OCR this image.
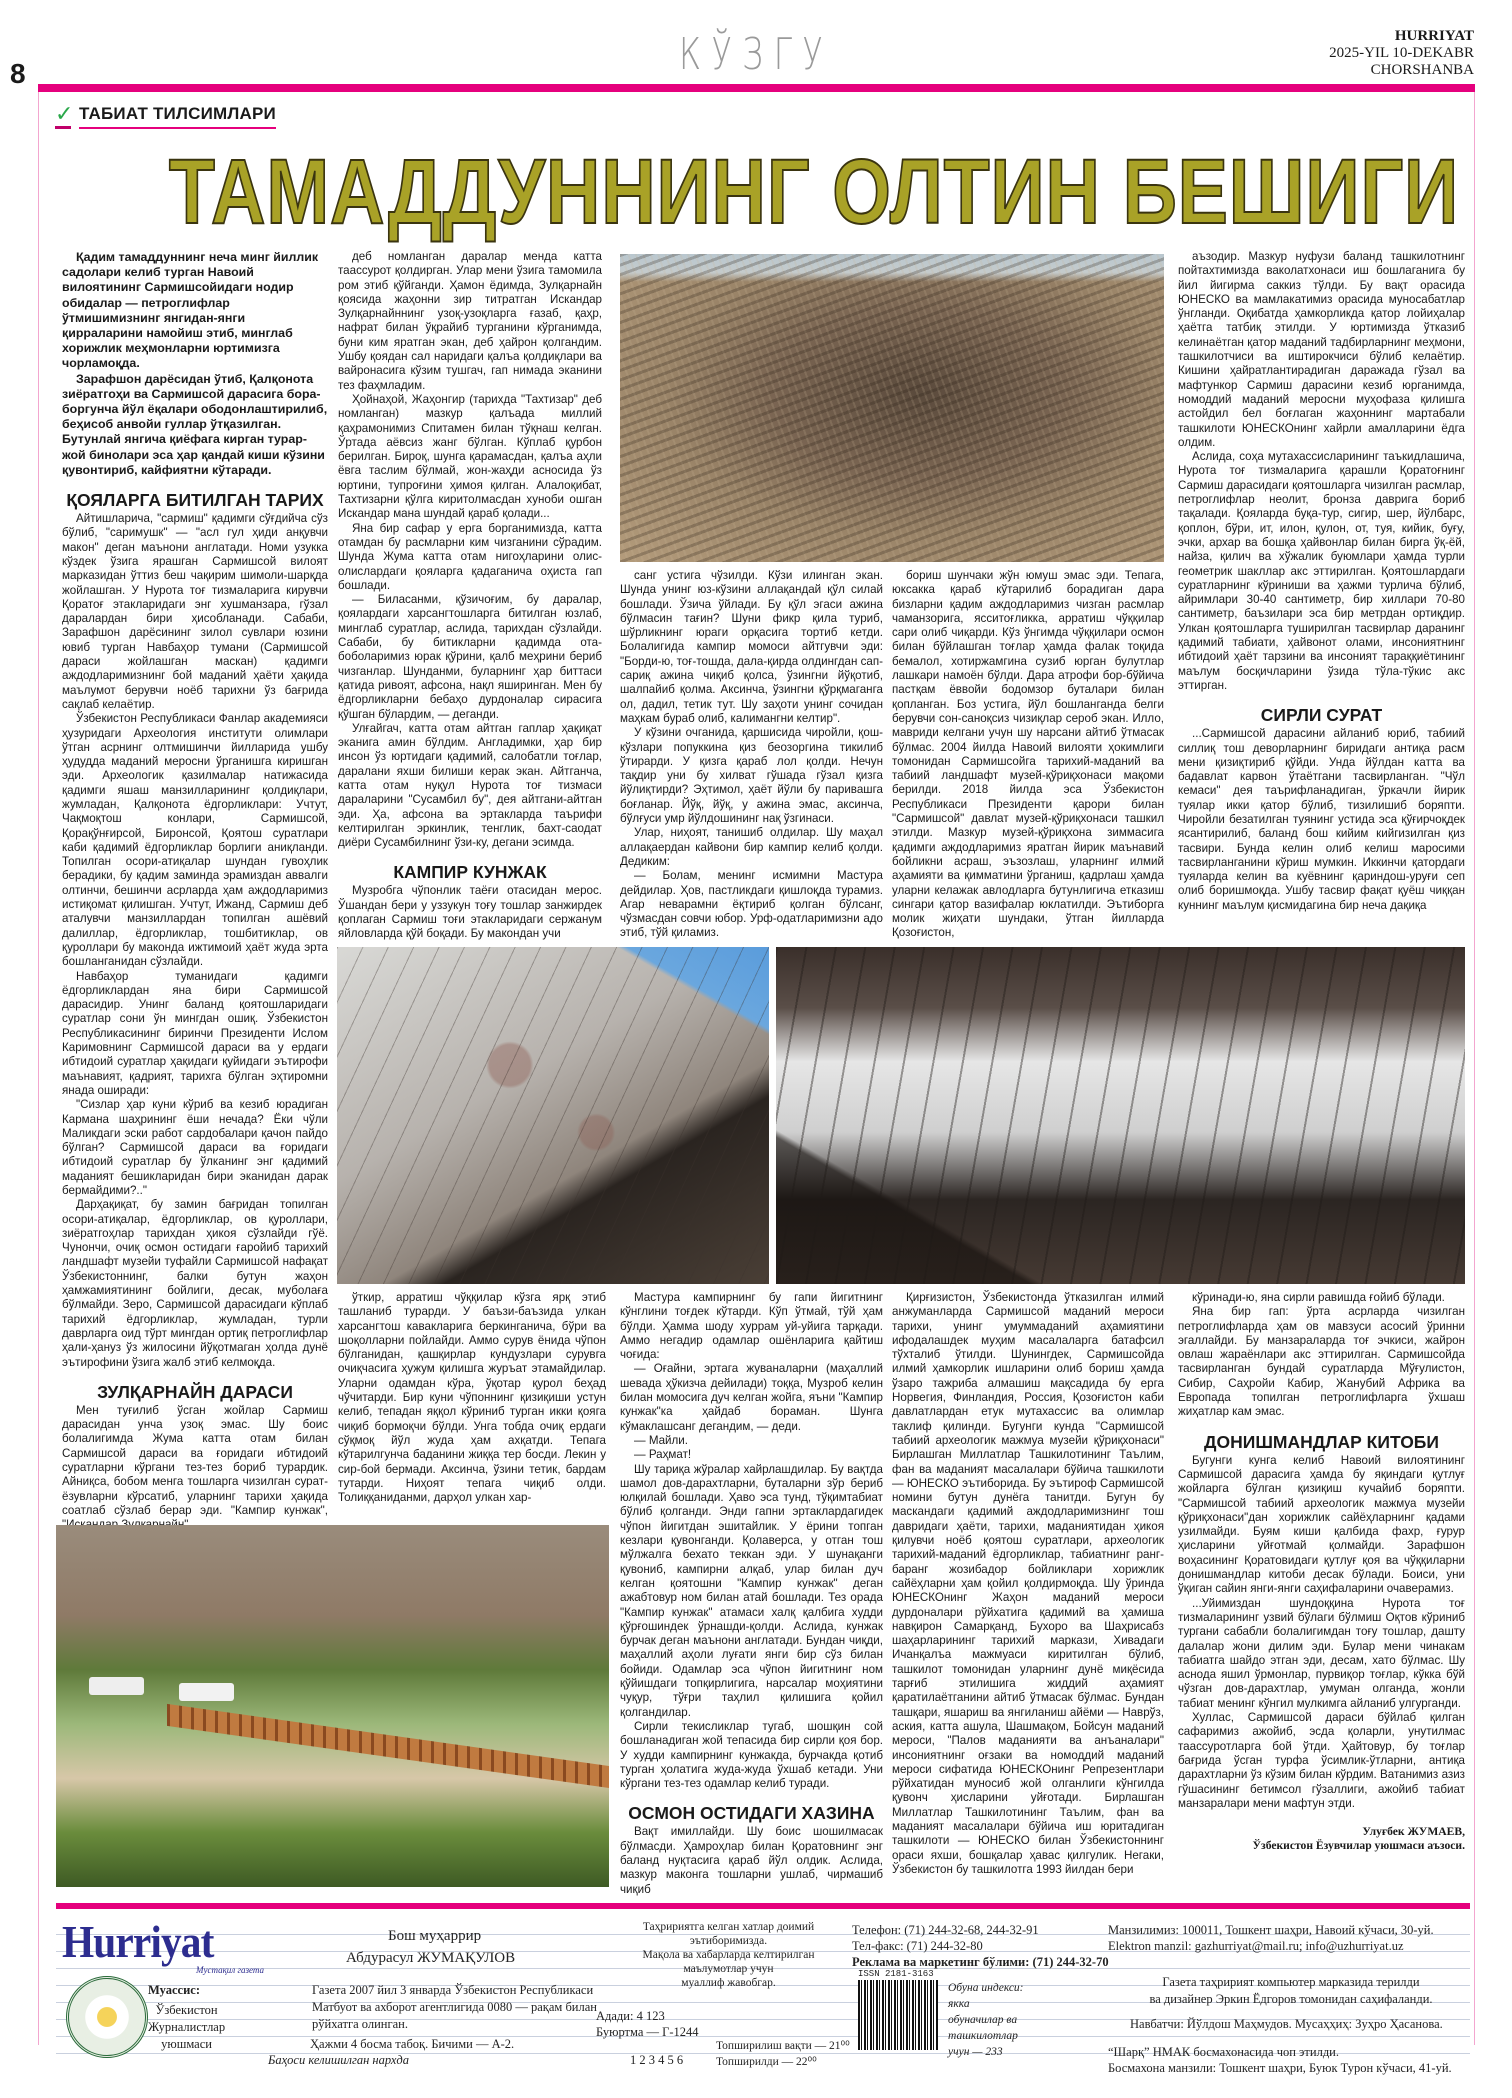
8	КЎЗГУ	HURRIYAT
2025-YIL 10-DEKABR
CHORSHANBA
✓ ТАБИАТ ТИЛСИМЛАРИ
ТАМАДДУННИНГ ОЛТИН БЕШИГИ

Қадим тамаддуннинг неча минг йиллик садолари келиб турган Навоий вилоятининг Сармишсойидаги нодир обидалар — петроглифлар ўтмишимизнинг янгидан-янги қирраларини намойиш этиб, минглаб хорижлик меҳмонларни юртимизга чорламоқда.

Зарафшон дарёсидан ўтиб, Қалқонота зиёратгоҳи ва Сармишсой дарасига бора-боргунча йўл ёқалари ободонлаштирилиб, беҳисоб анвойи гуллар ўтқазилган. Бутунлай янгича қиёфага кирган турар-жой бинолари эса ҳар қандай киши кўзини қувонтириб, кайфиятни кўтаради.

ҚОЯЛАРГА БИТИЛГАН ТАРИХ

Айтишларича, "сармиш" қадимги сўғдийча сўз бўлиб, "саримушк" — "асл гул ҳиди анқувчи макон" деган маънони англатади. Номи узукка кўздек ўзига ярашган Сармишсой вилоят марказидан ўттиз беш чақирим шимоли-шарқда жойлашган. У Нурота тоғ тизмаларига кирувчи Қоратоғ этакларидаги энг хушманзара, гўзал даралардан бири ҳисобланади. Сабаби, Зарафшон дарёсининг зилол сувлари юзини ювиб турган Навбаҳор тумани (Сармишсой дараси жойлашган маскан) қадимги аждодларимизнинг бой маданий ҳаёти ҳақида маълумот берувчи ноёб тарихни ўз бағрида сақлаб келаётир.

Ўзбекистон Республикаси Фанлар академияси ҳузуридаги Археология институти олимлари ўтган асрнинг олтмишинчи йилларида ушбу ҳудудда маданий меросни ўрганишга киришган эди. Археологик қазилмалар натижасида қадимги яшаш манзилларининг қолдиқлари, жумладан, Қалқонота ёдгорликлари: Учтут, Чақмоқтош конлари, Сармишсой, Қорақўнғирсой, Биронсой, Қоятош суратлари каби қадимий ёдгорликлар борлиги аниқланди. Топилган осори-атиқалар шундан гувоҳлик берадики, бу қадим заминда эрамиздан аввалги олтинчи, бешинчи асрларда ҳам аждодларимиз истиқомат қилишган. Учтут, Ижанд, Сармиш деб аталувчи манзиллардан топилган ашёвий далиллар, ёдгорликлар, тошбитиклар, ов қуроллари бу маконда ижтимоий ҳаёт жуда эрта бошланганидан сўзлайди.

Навбаҳор туманидаги қадимги ёдгорликлардан яна бири Сармишсой дарасидир. Унинг баланд қоятошларидаги суратлар сони ўн мингдан ошиқ. Ўзбекистон Республикасининг биринчи Президенти Ислом Каримовнинг Сармишсой дараси ва у ердаги ибтидоий суратлар ҳақидаги қуйидаги эътирофи маънавият, қадрият, тарихга бўлган эҳтиромни янада оширади:

"Сизлар ҳар куни кўриб ва кезиб юрадиган Кармана шаҳрининг ёши нечада? Ёки чўли Маликдаги эски работ сардобалари қачон пайдо бўлган? Сармишсой дараси ва ғоридаги ибтидоий суратлар бу ўлканинг энг қадимий маданият бешикларидан бири эканидан дарак бермайдими?.."

Дарҳақиқат, бу замин бағридан топилган осори-атиқалар, ёдгорликлар, ов қуроллари, зиёратгоҳлар тарихдан ҳикоя сўзлайди гўё. Чунончи, очиқ осмон остидаги ғаройиб тарихий ландшафт музейи туфайли Сармишсой нафақат Ўзбекистоннинг, балки бутун жаҳон ҳамжамиятининг бойлиги, десак, муболаға бўлмайди. Зеро, Сармишсой дарасидаги кўплаб тарихий ёдгорликлар, жумладан, турли даврларга оид тўрт мингдан ортиқ петроглифлар ҳали-ҳануз ўз жилосини йўқотмаган ҳолда дунё эътирофини ўзига жалб этиб келмоқда.

ЗУЛҚАРНАЙН ДАРАСИ

Мен туғилиб ўсган жойлар Сармиш дарасидан унча узоқ эмас. Шу боис болалигимда Жума катта отам билан Сармишсой дараси ва ғоридаги ибтидоий суратларни кўргани тез-тез бориб турардик. Айниқса, бобом менга тошларга чизилган сурат-ёзувларни кўрсатиб, уларнинг тарихи ҳақида соатлаб сўзлаб берар эди. "Кампир кунжак",

деб номланган даралар менда катта таассурот қолдирган. Улар мени ўзига тамомила ром этиб қўйганди. Ҳамон ёдимда, Зулқарнайн қоясида жаҳонни зир титратган Искандар Зулқарнайннинг узоқ-узоқларга ғазаб, қаҳр, нафрат билан ўқрайиб турганини кўрганимда, буни ким яратган экан, деб ҳайрон қолгандим. Ушбу қоядан сал наридаги қалъа қолдиқлари ва вайронасига кўзим тушгач, гап нимада эканини тез фаҳмладим.

Ҳойнаҳой, Жаҳонгир (тарихда "Тахтизар" деб номланган) мазкур қалъада миллий қаҳрамонимиз Спитамен билан тўқнаш келган. Ўртада аёвсиз жанг бўлган. Кўплаб қурбон берилган. Бироқ, шунга қарамасдан, қалъа аҳли ёвга таслим бўлмай, жон-жаҳди асносида ўз юртини, тупроғини ҳимоя қилган. Алалоқибат, Тахтизарни қўлга киритолмасдан хуноби ошган Искандар мана шундай қараб қолади...

Яна бир сафар у ерга борганимизда, катта отамдан бу расмларни ким чизганини сўрадим. Шунда Жума катта отам нигоҳларини олис-олислардаги қояларга қадаганича оҳиста гап бошлади.

— Биласанми, қўзичоғим, бу даралар, қоялардаги харсангтошларга битилган юзлаб, минглаб суратлар, аслида, тарихдан сўзлайди. Сабаби, бу битикларни қадимда ота-боболаримиз юрак қўрини, қалб меҳрини бериб чизганлар. Шунданми, буларнинг ҳар биттаси қатида ривоят, афсона, нақл яширинган. Мен бу ёдгорликларни бебаҳо дурдоналар сирасига қўшган бўлардим, — деганди.

Улғайгач, катта отам айтган гаплар ҳақиқат эканига амин бўлдим. Англадимки, ҳар бир инсон ўз юртидаги қадимий, салобатли тоғлар, даралани яхши билиши керак экан. Айтганча, катта отам нуқул Нурота тоғ тизмаси дараларини "Сусамбил бу", дея айтгани-айтган эди. Ҳа, афсона ва эртакларда таърифи келтирилган эркинлик, тенглик, бахт-саодат диёри Сусамбилнинг ўзи-ку, дегани эсимда.

КАМПИР КУНЖАК

Музробга чўпонлик таёғи отасидан мерос. Ўшандан бери у уззукун тоғу тошлар занжирдек қоплаган Сармиш тоғи этакларидаги сержанум яйловларда қўй боқади. Бу макондан учи

ўткир, арратиш чўққилар кўзга ярқ этиб ташланиб турарди. У баъзи-баъзида улкан харсангтош кавакларига беркинганича, бўри ва шоқолларни пойлайди. Аммо сурув ёнида чўпон бўлганидан, қашқирлар кундузлари сурувга очиқчасига ҳужум қилишга журъат этамайдилар. Уларни одамдан кўра, ўқотар қурол беҳад чўчитарди. Бир куни чўпоннинг қизиқиши устун келиб, тепадан яққол кўриниб турган икки қояга чиқиб бормоқчи бўлди. Унга тобда очиқ ердаги сўқмоқ йўл жуда ҳам ахқатди. Тепага кўтарилгунча баданини жиққа тер босди. Лекин у сир-бой бермади. Аксинча, ўзини тетик, бардам тутарди. Ниҳоят тепага чиқиб олди. Толиққаниданми, дарҳол улкан хар-

санг устига чўзилди. Кўзи илинган экан. Шунда унинг юз-кўзини аллақандай қўл силай бошлади. Ўзича ўйлади. Бу қўл эгаси ажина бўлмасин тағин? Шуни фикр қила туриб, шўрликнинг юраги орқасига тортиб кетди. Болалигида кампир момоси айтгувчи эди: "Борди-ю, тоғ-тошда, дала-қирда олдингдан сап-сариқ ажина чиқиб қолса, ўзингни йўқотиб, шалпайиб қолма. Аксинча, ўзингни қўрқмаганга ол, дадил, тетик тут. Шу заҳоти унинг сочидан маҳкам бураб олиб, калимангни келтир".

У кўзини очганида, қаршисида чиройли, қош-кўзлари попуккина қиз беозоргина тикилиб ўтирарди. У қизга қараб лол қолди. Нечун тақдир уни бу хилват гўшада гўзал қизга йўлиқтирди? Эҳтимол, ҳаёт йўли бу паривашга боғланар. Йўқ, йўқ, у ажина эмас, аксинча, бўлғуси умр йўлдошининг нақ ўзгинаси.

Улар, ниҳоят, танишиб олдилар. Шу маҳал аллақаердан кайвони бир кампир келиб қолди. Дедиким:

— Болам, менинг исмимни Мастура дейдилар. Ҳов, пастликдаги қишлоқда турамиз. Агар неварамни ёқтириб қолган бўлсанг, чўзмасдан совчи юбор. Урф-одатларимизни адо этиб, тўй қиламиз.

Мастура кампирнинг бу гапи йигитнинг кўнглини тоғдек кўтарди. Кўп ўтмай, тўй ҳам бўлди. Ҳамма шоду хуррам уй-уйига тарқади. Аммо негадир одамлар ошёнларига қайтиш чоғида:

— Оғайни, эртага жуваналарни (маҳаллий шевада ҳўкизча дейилади) тоққа, Музроб келин билан момосига дуч келган жойга, яъни "Кампир кунжак"ка ҳайдаб бораман. Шунга кўмаклашсанг дегандим, — деди.

— Майли.

— Раҳмат!

Шу тариқа жўралар хайрлашдилар. Бу вақтда шамол дов-дарахтларни, буталарни зўр бериб юлқилай бошлади. Ҳаво эса тунд, тўқимтабиат бўлиб қолганди. Энди гапни эртаклардагидек чўпон йигитдан эшитайлик. У ёрини топган кезлари қувонганди. Қолаверса, у отган тош мўлжалга бехато теккан эди. У шунақанги қувониб, кампирни алқаб, улар билан дуч келган қоятошни "Кампир кунжак" деган ажабтовур ном билан атай бошлади. Тез орада "Кампир кунжак" атамаси халқ қалбига худди қўрғошиндек ўрнашди-қолди. Аслида, кунжак бурчак деган маънони англатади. Бундан чиқди, маҳаллий аҳоли луғати янги бир сўз билан бойиди. Одамлар эса чўпон йигитнинг ном қўйишдаги топқирлигига, нарсалар моҳиятини чуқур, тўғри таҳлил қилишига қойил қолгандилар.

Сирли текисликлар тугаб, шошқин сой бошланадиган жой тепасида бир сирли қоя бор. У худди кампирнинг кунжакда, бурчакда қотиб турган ҳолатига жуда-жуда ўхшаб кетади. Уни кўргани тез-тез одамлар келиб туради.

ОСМОН ОСТИДАГИ ХАЗИНА

Вақт имиллайди. Шу боис шошилмасак бўлмасди. Ҳамроҳлар билан Қоратовнинг энг баланд нуқтасига қараб йўл олдик. Аслида, мазкур маконга тошларни ушлаб, чирмашиб чиқиб

бориш шунчаки жўн юмуш эмас эди. Тепага, юксакка қараб кўтарилиб борадиган дара бизларни қадим аждодларимиз чизган расмлар чаманзорига, ясситоғликка, арратиш чўққилар сари олиб чиқарди. Кўз ўнгимда чўққилари осмон билан бўйлашган тоғлар ҳамда фалак тоқида бемалол, хотиржамгина сузиб юрган булутлар лашкари намоён бўлди. Дара атрофи бор-бўйича пастқам ёввойи бодомзор буталари билан қопланган. Боз устига, йўл бошланганда белги берувчи сон-саноқсиз чизиқлар сероб экан. Илло, мавриди келгани учун шу нарсани айтиб ўтмасак бўлмас. 2004 йилда Навоий вилояти ҳокимлиги томонидан Сармишсойга тарихий-маданий ва табиий ландшафт музей-қўриқхонаси мақоми берилди. 2018 йилда эса Ўзбекистон Республикаси Президенти қарори билан "Сармишсой" давлат музей-қўриқхонаси ташкил этилди. Мазкур музей-қўриқхона зиммасига қадимги аждодларимиз яратган йирик маънавий бойликни асраш, эъзозлаш, уларнинг илмий аҳамияти ва қимматини ўрганиш, қадрлаш ҳамда уларни келажак авлодларга бутунлигича етказиш сингари қатор вазифалар юклатилди. Эътиборга молик жиҳати шундаки, ўтган йилларда Қозоғистон,

Қирғизистон, Ўзбекистонда ўтказилган илмий анжуманларда Сармишсой маданий мероси тарихи, унинг умуммаданий аҳамиятини ифодалашдек муҳим масалаларга батафсил тўхталиб ўтилди. Шунингдек, Сармишсойда илмий ҳамкорлик ишларини олиб бориш ҳамда ўзаро тажриба алмашиш мақсадида бу ерга Норвегия, Финландия, Россия, Қозоғистон каби давлатлардан етук мутахассис ва олимлар таклиф қилинди. Бугунги кунда "Сармишсой табиий археологик мажмуа музейи қўриқхонаси" Бирлашган Миллатлар Ташкилотининг Таълим, фан ва маданият масалалари бўйича ташкилоти — ЮНЕСКО эътиборида. Бу эътироф Сармишсой номини бутун дунёга танитди. Бугун бу маскандаги қадимий аждодларимизнинг тош давридаги ҳаёти, тарихи, маданиятидан ҳикоя қилувчи ноёб қоятош суратлари, археологик тарихий-маданий ёдгорликлар, табиатнинг ранг-баранг жозибадор бойликлари хорижлик сайёҳларни ҳам қойил қолдирмоқда. Шу ўринда ЮНЕСКОнинг Жаҳон маданий мероси дурдоналари рўйхатига қадимий ва ҳамиша навқирон Самарқанд, Бухоро ва Шаҳрисабз шаҳарларининг тарихий маркази, Хивадаги Ичанқалъа мажмуаси киритилган бўлиб, ташкилот томонидан уларнинг дунё миқёсида тарғиб этилишига жиддий аҳамият қаратилаётганини айтиб ўтмасак бўлмас. Бундан ташқари, яшариш ва янгиланиш айёми — Наврўз, аския, катта ашула, Шашмақом, Бойсун маданий мероси, "Палов маданияти ва анъаналари" инсониятнинг оғзаки ва номоддий маданий мероси сифатида ЮНЕСКОнинг Репрезентлари рўйхатидан муносиб жой олганлиги кўнгилда қувонч ҳисларини уйғотади. Бирлашган Миллатлар Ташкилотининг Таълим, фан ва маданият масалалари бўйича иш юритадиган ташкилоти — ЮНЕСКО билан Ўзбекистоннинг ораси яхши, бошқалар ҳавас қилгулик. Негаки, Ўзбекистон бу ташкилотга 1993 йилдан бери

аъзодир. Мазкур нуфузи баланд ташкилотнинг пойтахтимизда ваколатхонаси иш бошлаганига бу йил йигирма саккиз тўлди. Бу вақт орасида ЮНЕСКО ва мамлакатимиз орасида муносабатлар ўнгланди. Оқибатда ҳамкорликда қатор лойиҳалар ҳаётга татбиқ этилди. У юртимизда ўтказиб келинаётган қатор маданий тадбирларнинг меҳмони, ташкилотчиси ва иштирокчиси бўлиб келаётир. Кишини ҳайратлантирадиган даражада гўзал ва мафтункор Сармиш дарасини кезиб юрганимда, номоддий маданий меросни муҳофаза қилишга астойдил бел боғлаган жаҳоннинг мартабали ташкилоти ЮНЕСКОнинг хайрли амалларини ёдга олдим.

Аслида, соҳа мутахассисларининг таъкидлашича, Нурота тоғ тизмаларига қарашли Қоратоғнинг Сармиш дарасидаги қоятошларга чизилган расмлар, петроглифлар неолит, бронза даврига бориб тақалади. Қояларда буқа-тур, сигир, шер, йўлбарс, қоплон, бўри, ит, илон, қулон, от, туя, кийик, буғу, эчки, архар ва бошқа ҳайвонлар билан бирга ўқ-ёй, найза, қилич ва хўжалик буюмлари ҳамда турли геометрик шакллар акс эттирилган. Қоятошлардаги суратларнинг кўриниши ва ҳажми турлича бўлиб, айримлари 30-40 сантиметр, бир хиллари 70-80 сантиметр, баъзилари эса бир метрдан ортиқдир. Улкан қоятошларга туширилган тасвирлар даранинг қадимий табиати, ҳайвонот олами, инсониятнинг ибтидоий ҳаёт тарзини ва инсоният тараққиётининг маълум босқичларини ўзида тўла-тўкис акс эттирган.

СИРЛИ СУРАТ

...Сармишсой дарасини айланиб юриб, табиий силлиқ тош деворларнинг биридаги антиқа расм мени қизиқтириб қўйди. Унда йўлдан катта ва бадавлат карвон ўтаётгани тасвирланган. "Чўл кемаси" дея таърифланадиган, ўркачли йирик туялар икки қатор бўлиб, тизилишиб боряпти. Чиройли безатилган туянинг устида эса қўғирчоқдек ясантирилиб, баланд бош кийим кийгизилган қиз тасвири. Бунда келин олиб келиш маросими тасвирланганини кўриш мумкин. Иккинчи қатордаги туяларда келин ва куёвнинг қариндош-уруғи сеп олиб боришмоқда. Ушбу тасвир фақат қуёш чиққан куннинг маълум қисмидагина бир неча дақиқа

кўринади-ю, яна сирли равишда ғойиб бўлади.

Яна бир гап: ўрта асрларда чизилган петроглифларда ҳам ов мавзуси асосий ўринни эгаллайди. Бу манзараларда тоғ эчкиси, жайрон овлаш жараёнлари акс эттирилган. Сармишсойда тасвирланган бундай суратларда Мўғулистон, Сибир, Саҳройи Кабир, Жанубий Африка ва Европада топилган петроглифларга ўхшаш жиҳатлар кам эмас.

ДОНИШМАНДЛАР КИТОБИ

Бугунги кунга келиб Навоий вилоятининг Сармишсой дарасига ҳамда бу яқиндаги қутлуғ жойларга бўлган қизиқиш кучайиб боряпти. "Сармишсой табиий археологик мажмуа музейи қўриқхонаси"дан хорижлик сайёҳларнинг қадами узилмайди. Буям киши қалбида фахр, ғурур ҳисларини уйғотмай қолмайди. Зарафшон воҳасининг Қоратовидаги қутлуғ қоя ва чўққиларни донишмандлар китоби десак бўлади. Боиси, уни ўқиган сайин янги-янги саҳифаларини очаверамиз.

...Уйимиздан шундоққина Нурота тоғ тизмаларининг узвий бўлаги бўлмиш Оқтов кўриниб тургани сабабли болалигимдан тоғу тошлар, дашту далалар жони дилим эди. Булар мени чинакам табиатга шайдо этган эди, десам, хато бўлмас. Шу аснода яшил ўрмонлар, пурвиқор тоғлар, кўкка бўй чўзган дов-дарахтлар, умуман олганда, жонли табиат менинг кўнгил мулкимга айланиб улгурганди.

Хуллас, Сармишсой дараси бўйлаб қилган сафаримиз ажойиб, эсда қоларли, унутилмас таассуротларга бой ўтди. Ҳайтовур, бу тоғлар бағрида ўсган турфа ўсимлик-ўтларни, антиқа дарахтларни ўз кўзим билан кўрдим. Ватанимиз азиз гўшасининг бетимсол гўзаллиги, ажойиб табиат манзаралари мени мафтун этди.

Улуғбек ЖУМАЕВ,

Ўзбекистон Ёзувчилар уюшмаси аъзоси.

Hurriyat
Мустақил газета
Бош муҳаррир
Абдурасул ЖУМАҚУЛОВ
Таҳририятга келган хатлар доимий
эътиборимизда.
Мақола ва хабарларда келтирилган
маълумотлар учун
муаллиф жавобгар.
Телефон: (71) 244-32-68, 244-32-91
Тел-факс: (71) 244-32-80
Реклама ва маркетинг бўлими: (71) 244-32-70
Манзилимиз: 100011, Тошкент шаҳри, Навоий кўчаси, 30-уй.
Elektron manzil: gazhurriyat@mail.ru; info@uzhurriyat.uz
Муассис:
Ўзбекистон
Журналистлар
уюшмаси
Газета 2007 йил 3 январда Ўзбекистон Республикаси
Матбуот ва ахборот агентлигида 0080 — рақам билан
рўйхатга олинган.
Адади: 4 123
Буюртма — Г-1244
Ҳажми 4 босма табоқ. Бичими — А-2.
Баҳоси келишилган нархда	1 2 3 4 5 6
Топширилиш вақти — 21⁰⁰
Топширилди — 22⁰⁰
ISSN 2181-3163
Обуна индекси:
якка
обуначилар ва
ташкилотлар
учун — 233
Газета таҳририят компьютер марказида терилди
ва дизайнер Эркин Ёдгоров томонидан саҳифаланди.
Навбатчи: Йўлдош Маҳмудов. Мусаҳҳиҳ: Зуҳро Ҳасанова.
“Шарқ” НМАК босмахонасида чоп этилди.
Босмахона манзили: Тошкент шаҳри, Буюк Турон кўчаси, 41-уй.
